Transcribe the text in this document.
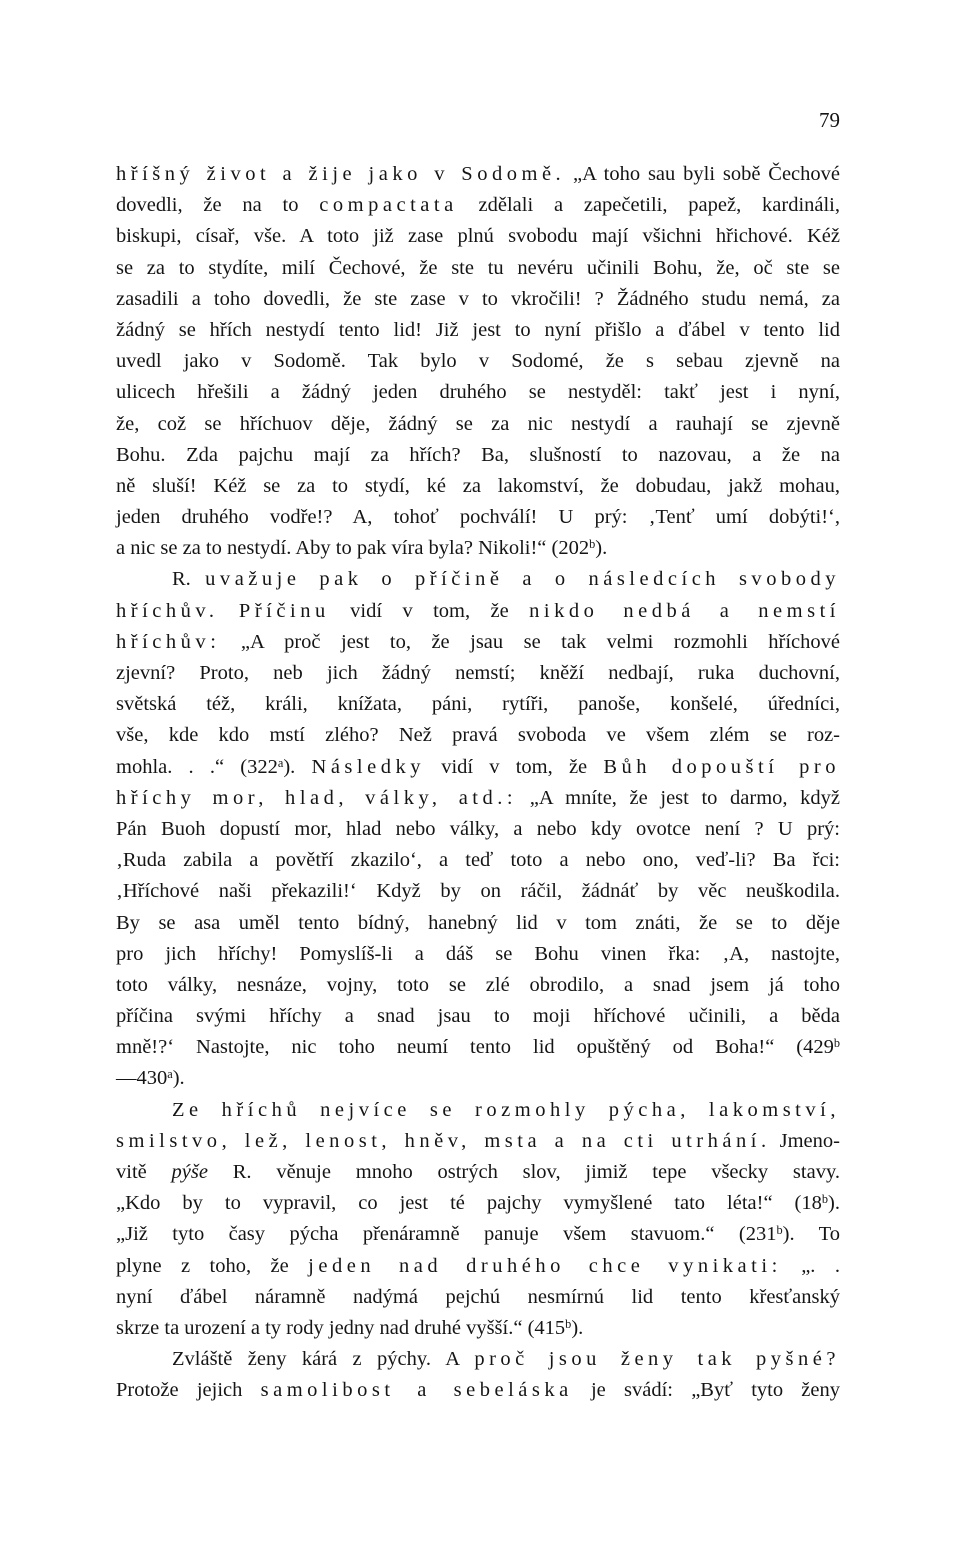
79
hříšný život a žije jako v Sodomě. „A toho sau byli sobě Čechové
dovedli, že na to compactata zdělali a zapečetili, papež, kardináli,
biskupi, císař, vše. A toto již zase plnú svobodu mají všichni hřichové. Kéž
se za to stydíte, milí Čechové, že ste tu nevéru učinili Bohu, že, oč ste se
zasadili a toho dovedli, že ste zase v to vkročili! ? Žádného studu nemá, za
žádný se hřích nestydí tento lid! Již jest to nyní přišlo a ďábel v tento lid
uvedl jako v Sodomě. Tak bylo v Sodomé, že s sebau zjevně na
ulicech hřešili a žádný jeden druhého se nestyděl: takť jest i nyní,
že, což se hříchuov děje, žádný se za nic nestydí a rauhají se zjevně
Bohu. Zda pajchu mají za hřích? Ba, slušností to nazovau, a že na
ně sluší! Kéž se za to stydí, ké za lakomství, že dobudau, jakž mohau,
jeden druhého vodře!? A, tohoť pochválí! U prý: ‚Tenť umí dobýti!‘,
a nic se za to nestydí. Aby to pak víra byla? Nikoli!“ (202$^b$).
R. uvažuje pak o příčině a o následcích svobody
hříchův. Příčinu vidí v tom, že nikdo nedbá a nemstí
hříchův: „A proč jest to, že jsau se tak velmi rozmohli hříchové
zjevní? Proto, neb jich žádný nemstí; kněží nedbají, ruka duchovní,
světská též, králi, knížata, páni, rytíři, panoše, konšelé, úředníci,
vše, kde kdo mstí zlého? Než pravá svoboda ve všem zlém se roz-
mohla. . .“ (322$^a$). Následky vidí v tom, že Bůh dopouští pro
hříchy mor, hlad, války, atd.: „A mníte, že jest to darmo, když
Pán Buoh dopustí mor, hlad nebo války, a nebo kdy ovotce není ? U prý:
‚Ruda zabila a povětří zkazilo‘, a teď toto a nebo ono, veď-li? Ba řci:
‚Hříchové naši překazili!‘ Když by on ráčil, žádnáť by věc neuškodila.
By se asa uměl tento bídný, hanebný lid v tom znáti, že se to děje
pro jich hříchy! Pomyslíš-li a dáš se Bohu vinen řka: ‚A, nastojte,
toto války, nesnáze, vojny, toto se zlé obrodilo, a snad jsem já toho
příčina svými hříchy a snad jsau to moji hříchové učinili, a běda
mně!?‘ Nastojte, nic toho neumí tento lid opuštěný od Boha!“ (429$^b$
—430$^a$).
Ze hříchů nejvíce se rozmohly pýcha, lakomství,
smilstvo, lež, lenost, hněv, msta a na cti utrhání. Jmeno-
vitě pýše R. věnuje mnoho ostrých slov, jimiž tepe všecky stavy.
„Kdo by to vypravil, co jest té pajchy vymyšlené tato léta!“ (18$^b$).
„Již tyto časy pýcha přenáramně panuje všem stavuom.“ (231$^b$). To
plyne z toho, že jeden nad druhého chce vynikati: „. .
nyní ďábel náramně nadýmá pejchú nesmírnú lid tento křesťanský
skrze ta urození a ty rody jedny nad druhé vyšší.“ (415$^b$).
Zvláště ženy kárá z pýchy. A proč jsou ženy tak pyšné?
Protože jejich samolibost a sebeláska je svádí: „Byť tyto ženy
